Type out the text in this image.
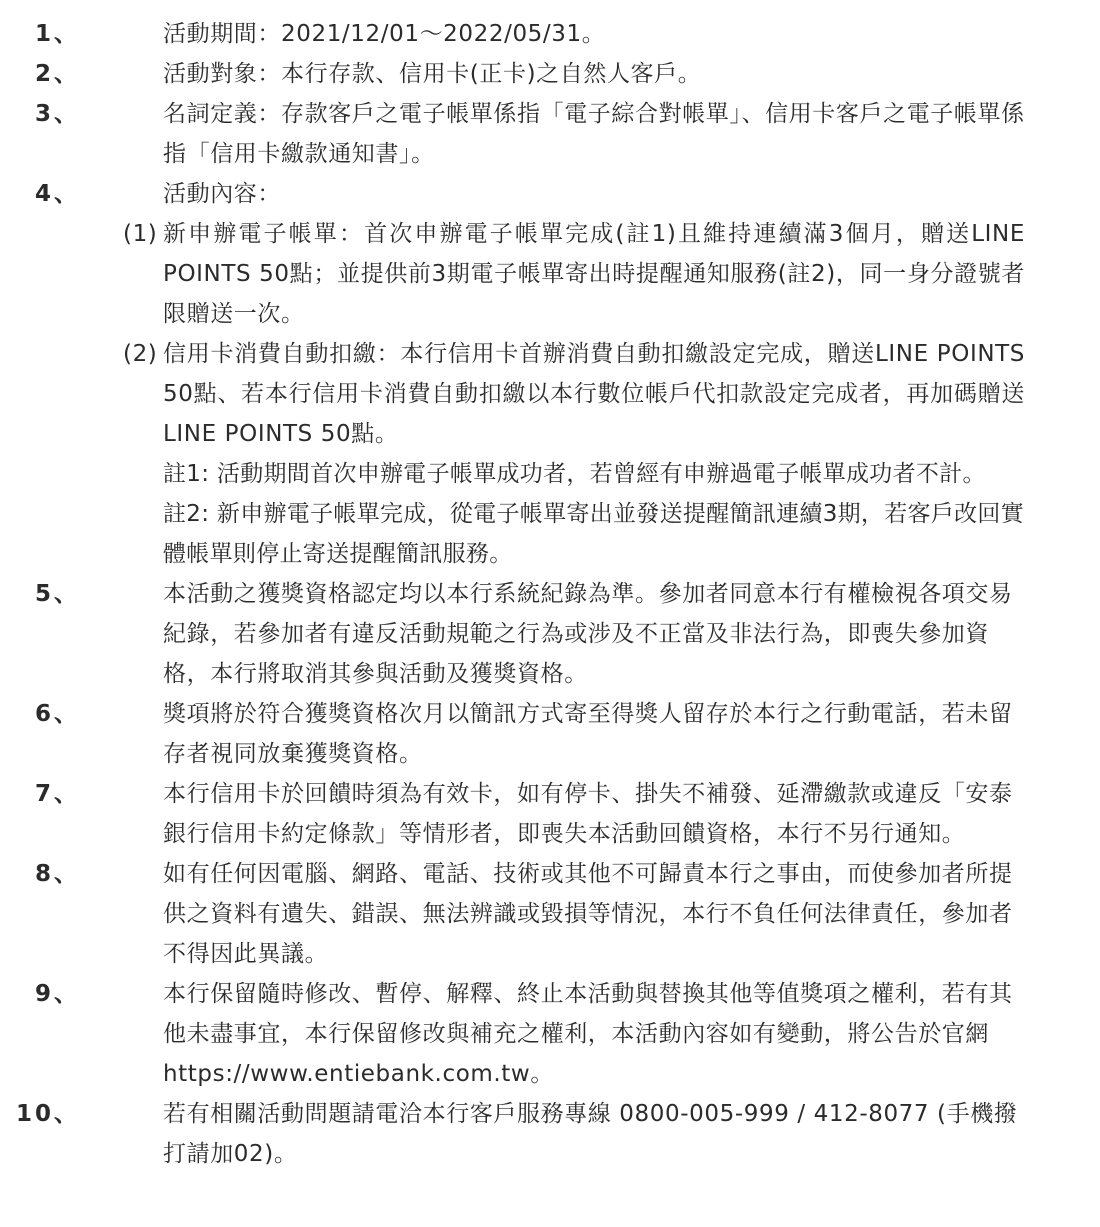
1、	活動期間：2021/12/01～2022/05/31。
2、	活動對象：本行存款、信用卡(正卡)之自然人客戶。
3、	名詞定義：存款客戶之電子帳單係指「電子綜合對帳單」、信用卡客戶之電子帳單係指「信用卡繳款通知書」。
4、	活動內容：
(1) 新申辦電子帳單：首次申辦電子帳單完成(註1)且維持連續滿3個月，贈送LINE POINTS 50點；並提供前3期電子帳單寄出時提醒通知服務(註2)，同一身分證號者限贈送一次。
(2) 信用卡消費自動扣繳：本行信用卡首辦消費自動扣繳設定完成，贈送LINE POINTS 50點、若本行信用卡消費自動扣繳以本行數位帳戶代扣款設定完成者，再加碼贈送LINE POINTS 50點。
註1: 活動期間首次申辦電子帳單成功者，若曾經有申辦過電子帳單成功者不計。
註2: 新申辦電子帳單完成，從電子帳單寄出並發送提醒簡訊連續3期，若客戶改回實體帳單則停止寄送提醒簡訊服務。
5、	本活動之獲獎資格認定均以本行系統紀錄為準。參加者同意本行有權檢視各項交易紀錄，若參加者有違反活動規範之行為或涉及不正當及非法行為，即喪失參加資格，本行將取消其參與活動及獲獎資格。
6、	獎項將於符合獲獎資格次月以簡訊方式寄至得獎人留存於本行之行動電話，若未留存者視同放棄獲獎資格。
7、	本行信用卡於回饋時須為有效卡，如有停卡、掛失不補發、延滯繳款或違反「安泰銀行信用卡約定條款」等情形者，即喪失本活動回饋資格，本行不另行通知。
8、	如有任何因電腦、網路、電話、技術或其他不可歸責本行之事由，而使參加者所提供之資料有遺失、錯誤、無法辨識或毀損等情況，本行不負任何法律責任，參加者不得因此異議。
9、	本行保留隨時修改、暫停、解釋、終止本活動與替換其他等值獎項之權利，若有其他未盡事宜，本行保留修改與補充之權利，本活動內容如有變動，將公告於官網 https://www.entiebank.com.tw。
10、	若有相關活動問題請電洽本行客戶服務專線 0800-005-999 / 412-8077 (手機撥打請加02)。
